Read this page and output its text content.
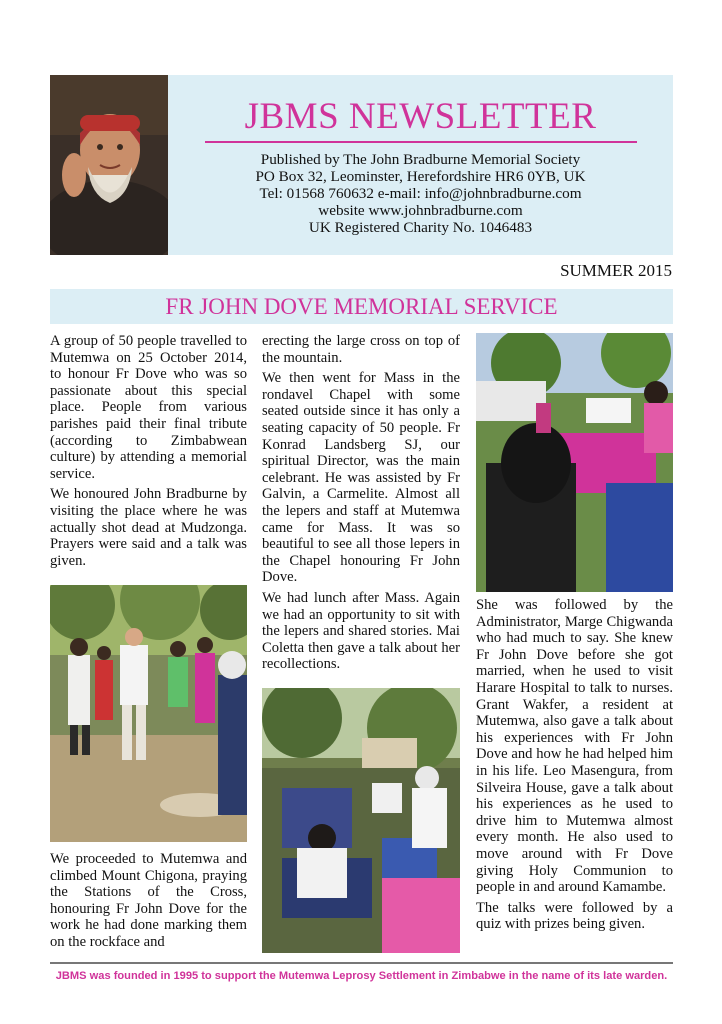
JBMS NEWSLETTER
Published by The John Bradburne Memorial Society
PO Box 32, Leominster, Herefordshire HR6 0YB, UK
Tel: 01568 760632 e-mail: info@johnbradburne.com
website www.johnbradburne.com
UK Registered Charity No. 1046483
SUMMER 2015
FR JOHN DOVE MEMORIAL SERVICE

A group of 50 people travelled to Mutemwa on 25 October 2014, to honour Fr Dove who was so passionate about this special place. People from various parishes paid their final tribute (according to Zimbabwean culture) by attending a memorial service.

We honoured John Bradburne by visiting the place where he was actually shot dead at Mudzonga. Prayers were said and a talk was given.

We proceeded to Mutemwa and climbed Mount Chigona, praying the Stations of the Cross, honouring Fr John Dove for the work he had done marking them on the rockface and

erecting the large cross on top of the mountain.

We then went for Mass in the rondavel Chapel with some seated outside since it has only a seating capacity of 50 people. Fr Konrad Landsberg SJ, our spiritual Director, was the main celebrant. He was assisted by Fr Galvin, a Carmelite. Almost all the lepers and staff at Mutemwa came for Mass. It was so beautiful to see all those lepers in the Chapel honouring Fr John Dove.

We had lunch after Mass. Again we had an opportunity to sit with the lepers and shared stories. Mai Coletta then gave a talk about her recollections.

She was followed by the Administrator, Marge Chigwanda who had much to say. She knew Fr John Dove before she got married, when he used to visit Harare Hospital to talk to nurses. Grant Wakfer, a resident at Mutemwa, also gave a talk about his experiences with Fr John Dove and how he had helped him in his life. Leo Masengura, from Silveira House, gave a talk about his experiences as he used to drive him to Mutemwa almost every month. He also used to move around with Fr Dove giving Holy Communion to people in and around Kamambe.

The talks were followed by a quiz with prizes being given.

JBMS was founded in 1995 to support the Mutemwa Leprosy Settlement in Zimbabwe in the name of its late warden.
